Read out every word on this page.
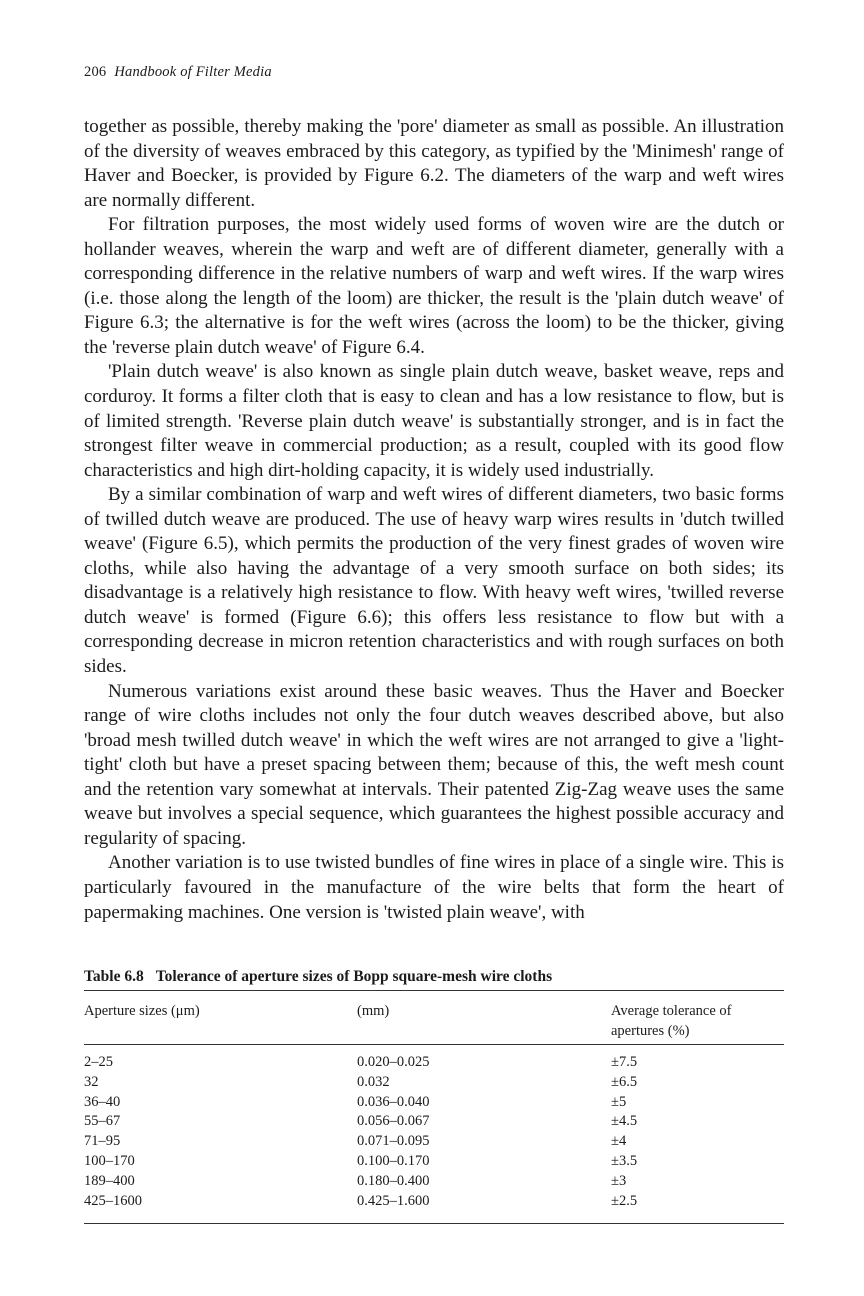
206 Handbook of Filter Media

together as possible, thereby making the 'pore' diameter as small as possible. An illustration of the diversity of weaves embraced by this category, as typified by the 'Minimesh' range of Haver and Boecker, is provided by Figure 6.2. The diameters of the warp and weft wires are normally different.

For filtration purposes, the most widely used forms of woven wire are the dutch or hollander weaves, wherein the warp and weft are of different diameter, generally with a corresponding difference in the relative numbers of warp and weft wires. If the warp wires (i.e. those along the length of the loom) are thicker, the result is the 'plain dutch weave' of Figure 6.3; the alternative is for the weft wires (across the loom) to be the thicker, giving the 'reverse plain dutch weave' of Figure 6.4.

'Plain dutch weave' is also known as single plain dutch weave, basket weave, reps and corduroy. It forms a filter cloth that is easy to clean and has a low resistance to flow, but is of limited strength. 'Reverse plain dutch weave' is substantially stronger, and is in fact the strongest filter weave in commercial production; as a result, coupled with its good flow characteristics and high dirt-holding capacity, it is widely used industrially.

By a similar combination of warp and weft wires of different diameters, two basic forms of twilled dutch weave are produced. The use of heavy warp wires results in 'dutch twilled weave' (Figure 6.5), which permits the production of the very finest grades of woven wire cloths, while also having the advantage of a very smooth surface on both sides; its disadvantage is a relatively high resistance to flow. With heavy weft wires, 'twilled reverse dutch weave' is formed (Figure 6.6); this offers less resistance to flow but with a corresponding decrease in micron retention characteristics and with rough surfaces on both sides.

Numerous variations exist around these basic weaves. Thus the Haver and Boecker range of wire cloths includes not only the four dutch weaves described above, but also 'broad mesh twilled dutch weave' in which the weft wires are not arranged to give a 'light-tight' cloth but have a preset spacing between them; because of this, the weft mesh count and the retention vary somewhat at intervals. Their patented Zig-Zag weave uses the same weave but involves a special sequence, which guarantees the highest possible accuracy and regularity of spacing.

Another variation is to use twisted bundles of fine wires in place of a single wire. This is particularly favoured in the manufacture of the wire belts that form the heart of papermaking machines. One version is 'twisted plain weave', with

Table 6.8 Tolerance of aperture sizes of Bopp square-mesh wire cloths
Aperture sizes (μm)	(mm)	Average tolerance of apertures (%)
2–25	0.020–0.025	±7.5
32	0.032	±6.5
36–40	0.036–0.040	±5
55–67	0.056–0.067	±4.5
71–95	0.071–0.095	±4
100–170	0.100–0.170	±3.5
189–400	0.180–0.400	±3
425–1600	0.425–1.600	±2.5
